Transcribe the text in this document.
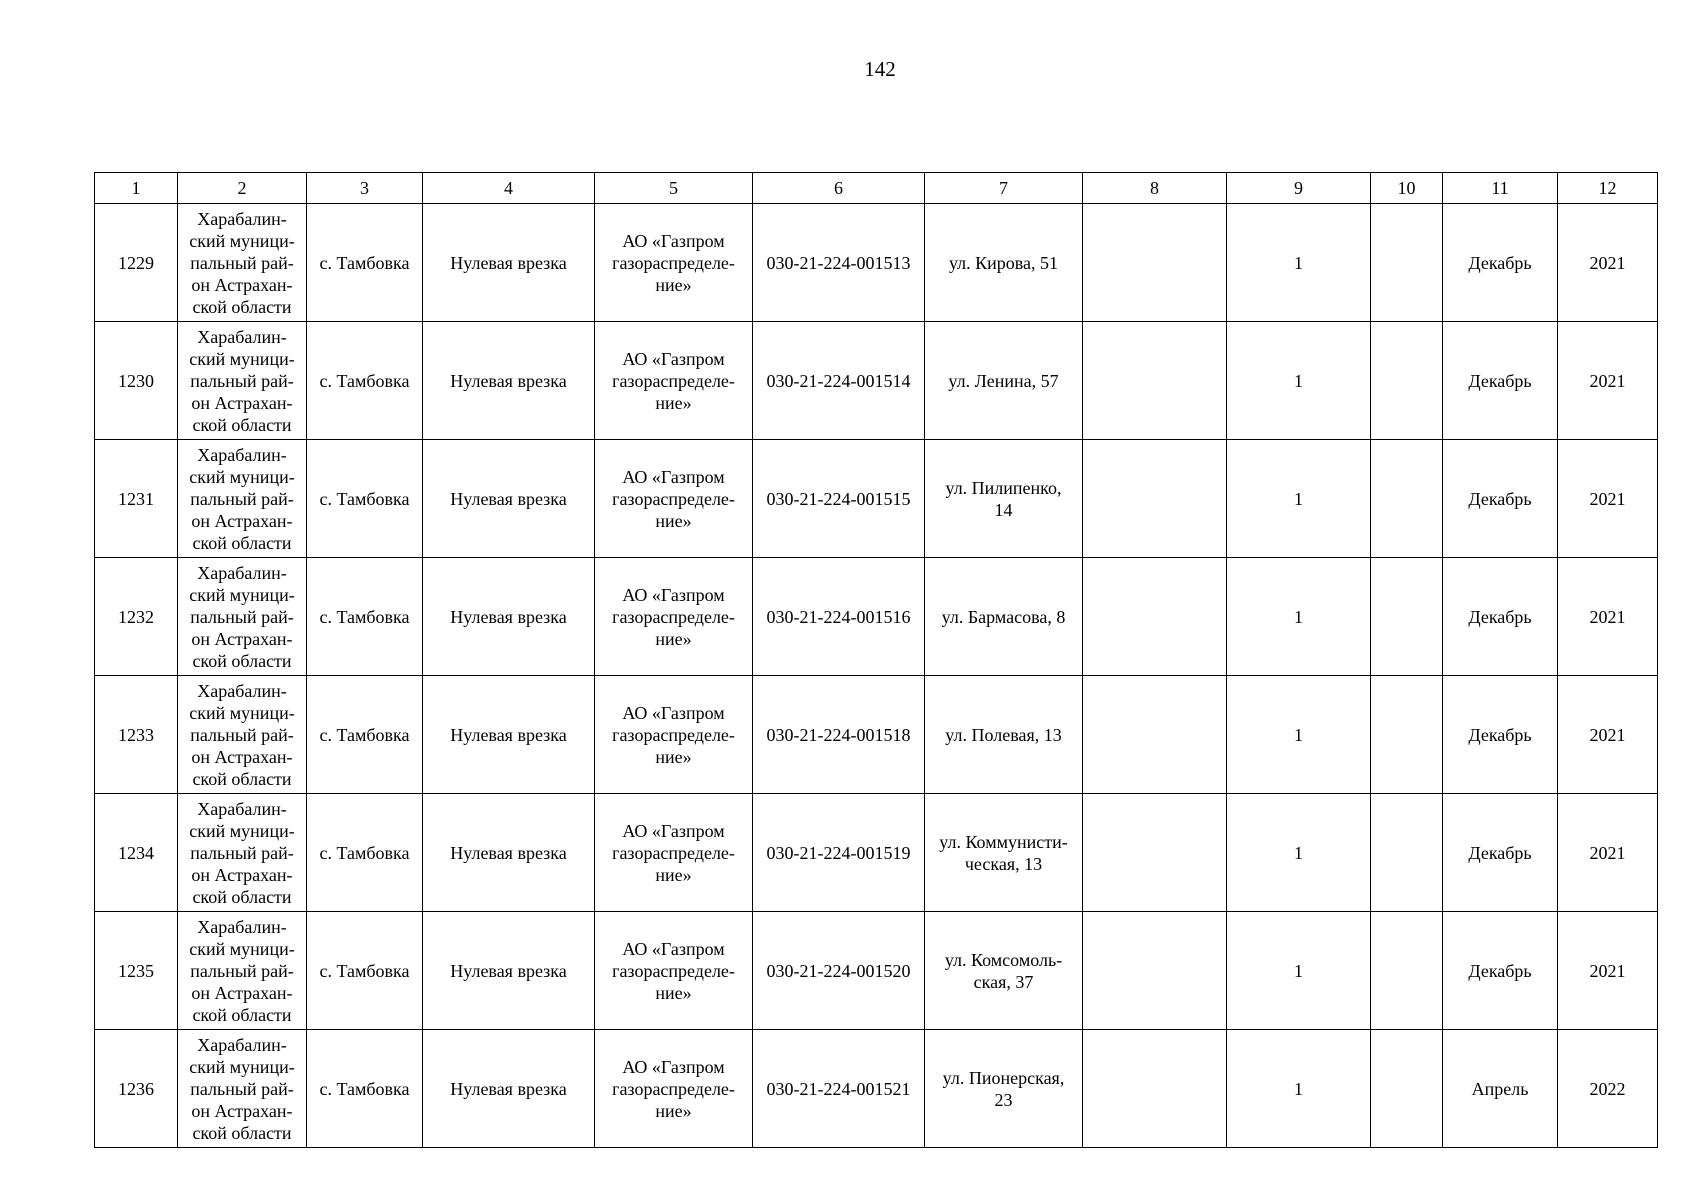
142
1	2	3	4	5	6	7	8	9	10	11	12
1229	Харабалин-
ский муници-
пальный рай-
он Астрахан-
ской области	с. Тамбовка	Нулевая врезка	АО «Газпром
газораспределе-
ние»	030-21-224-001513	ул. Кирова, 51		1		Декабрь	2021
1230	Харабалин-
ский муници-
пальный рай-
он Астрахан-
ской области	с. Тамбовка	Нулевая врезка	АО «Газпром
газораспределе-
ние»	030-21-224-001514	ул. Ленина, 57		1		Декабрь	2021
1231	Харабалин-
ский муници-
пальный рай-
он Астрахан-
ской области	с. Тамбовка	Нулевая врезка	АО «Газпром
газораспределе-
ние»	030-21-224-001515	ул. Пилипенко,
14		1		Декабрь	2021
1232	Харабалин-
ский муници-
пальный рай-
он Астрахан-
ской области	с. Тамбовка	Нулевая врезка	АО «Газпром
газораспределе-
ние»	030-21-224-001516	ул. Бармасова, 8		1		Декабрь	2021
1233	Харабалин-
ский муници-
пальный рай-
он Астрахан-
ской области	с. Тамбовка	Нулевая врезка	АО «Газпром
газораспределе-
ние»	030-21-224-001518	ул. Полевая, 13		1		Декабрь	2021
1234	Харабалин-
ский муници-
пальный рай-
он Астрахан-
ской области	с. Тамбовка	Нулевая врезка	АО «Газпром
газораспределе-
ние»	030-21-224-001519	ул. Коммунисти-
ческая, 13		1		Декабрь	2021
1235	Харабалин-
ский муници-
пальный рай-
он Астрахан-
ской области	с. Тамбовка	Нулевая врезка	АО «Газпром
газораспределе-
ние»	030-21-224-001520	ул. Комсомоль-
ская, 37		1		Декабрь	2021
1236	Харабалин-
ский муници-
пальный рай-
он Астрахан-
ской области	с. Тамбовка	Нулевая врезка	АО «Газпром
газораспределе-
ние»	030-21-224-001521	ул. Пионерская,
23		1		Апрель	2022
